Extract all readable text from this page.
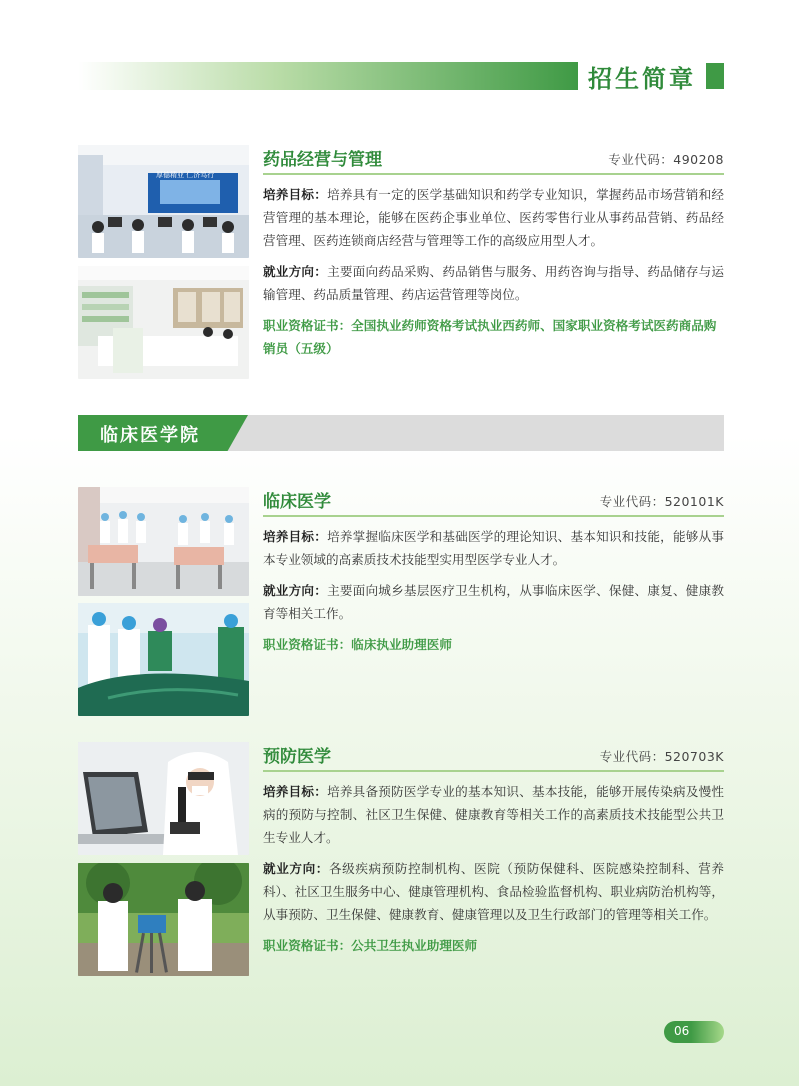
招生简章
厚德精业 仁济笃行
药品经营与管理	专业代码：490208

培养目标：培养具有一定的医学基础知识和药学专业知识，掌握药品市场营销和经营管理的基本理论，能够在医药企事业单位、医药零售行业从事药品营销、药品经营管理、医药连锁商店经营与管理等工作的高级应用型人才。

就业方向：主要面向药品采购、药品销售与服务、用药咨询与指导、药品储存与运输管理、药品质量管理、药店运营管理等岗位。

职业资格证书：全国执业药师资格考试执业西药师、国家职业资格考试医药商品购销员（五级）
临床医学院
临床医学	专业代码：520101K

培养目标：培养掌握临床医学和基础医学的理论知识、基本知识和技能，能够从事本专业领域的高素质技术技能型实用型医学专业人才。

就业方向：主要面向城乡基层医疗卫生机构，从事临床医学、保健、康复、健康教育等相关工作。

职业资格证书：临床执业助理医师
预防医学	专业代码：520703K

培养目标：培养具备预防医学专业的基本知识、基本技能，能够开展传染病及慢性病的预防与控制、社区卫生保健、健康教育等相关工作的高素质技术技能型公共卫生专业人才。

就业方向：各级疾病预防控制机构、医院（预防保健科、医院感染控制科、营养科）、社区卫生服务中心、健康管理机构、食品检验监督机构、职业病防治机构等，从事预防、卫生保健、健康教育、健康管理以及卫生行政部门的管理等相关工作。

职业资格证书：公共卫生执业助理医师
06
